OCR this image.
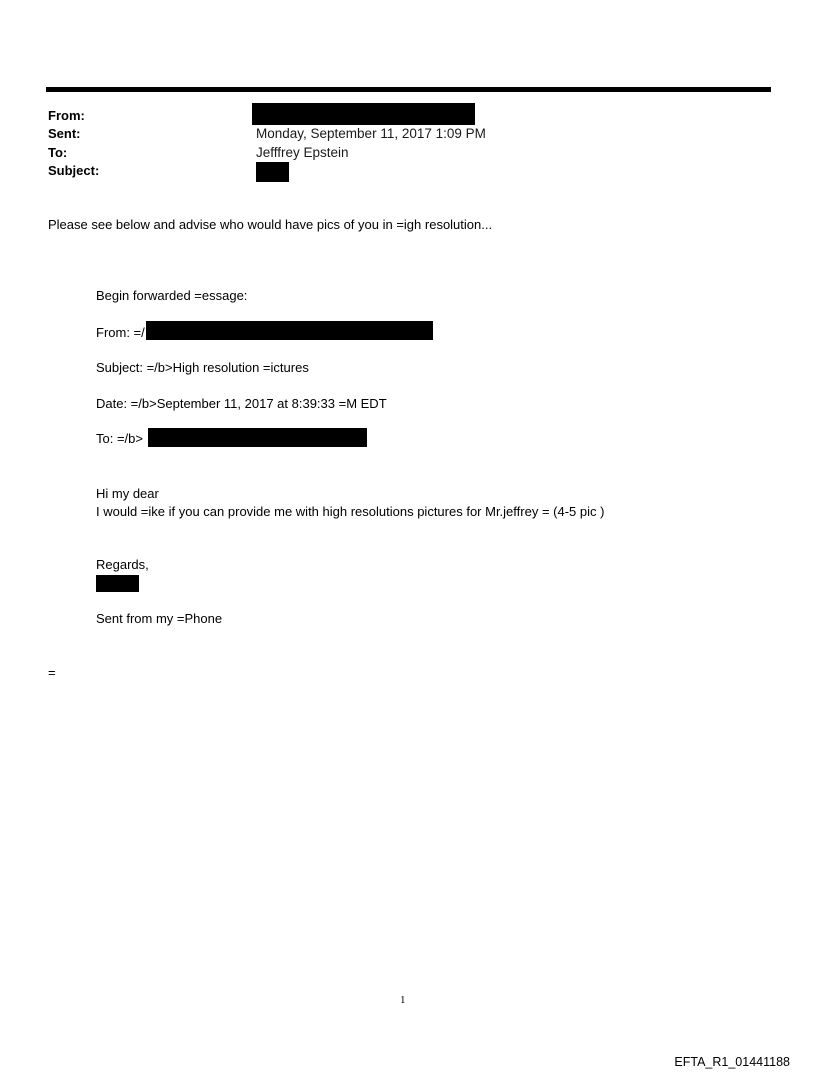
From:
Sent:	Monday, September 11, 2017 1:09 PM
To:	Jefffrey Epstein
Subject:
Please see below and advise who would have pics of you in =igh resolution...
Begin forwarded =essage:
From: =/
Subject: =/b>High resolution =ictures
Date: =/b>September 11, 2017 at 8:39:33 =M EDT
To: =/b>
Hi my dear
I would =ike if you can provide me with high resolutions pictures for Mr.jeffrey = (4-5 pic )
Regards,
Sent from my =Phone
=
1
EFTA_R1_01441188
